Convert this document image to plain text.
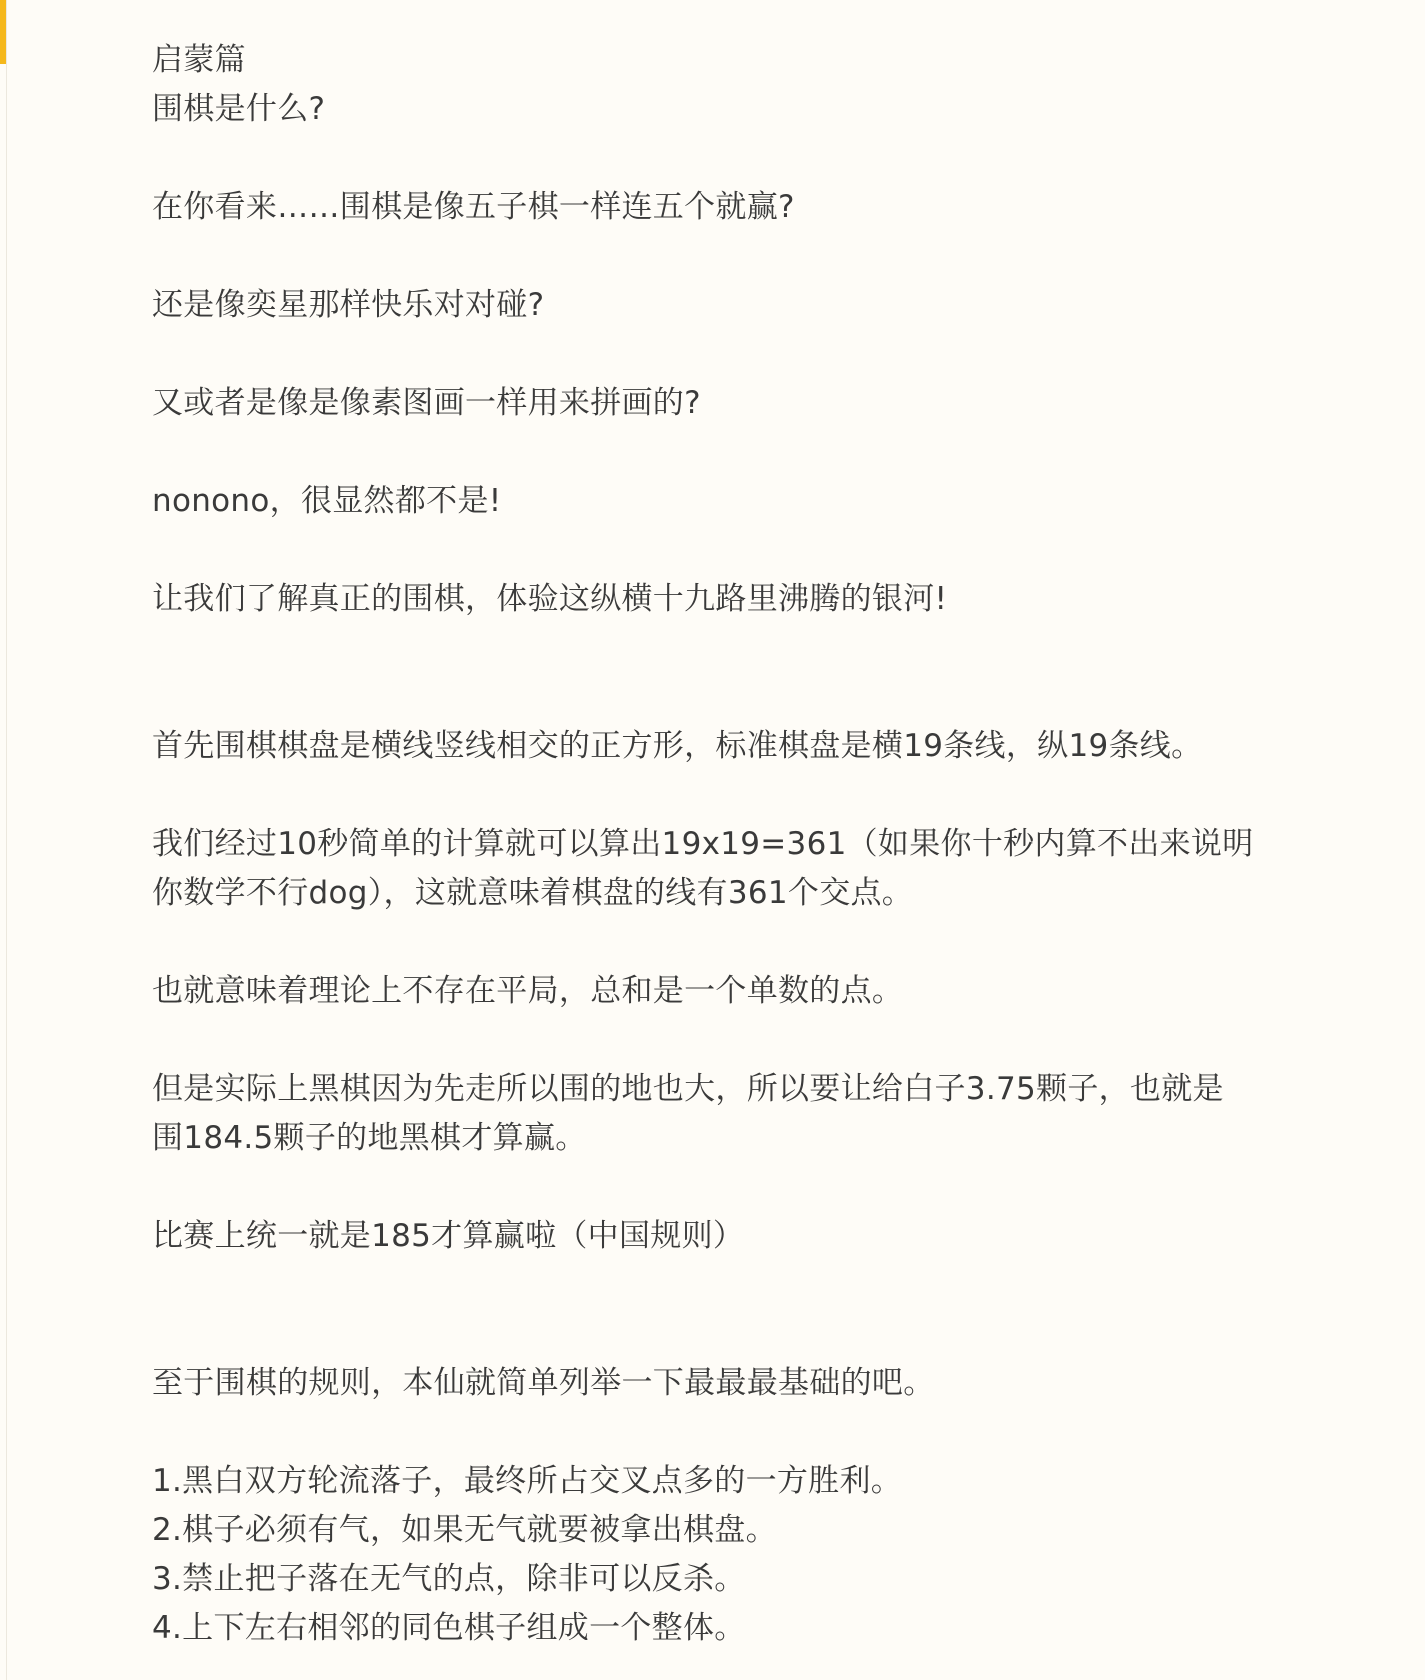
启蒙篇
围棋是什么?
在你看来……围棋是像五子棋一样连五个就赢?
还是像奕星那样快乐对对碰?
又或者是像是像素图画一样用来拼画的?
nonono，很显然都不是!
让我们了解真正的围棋，体验这纵横十九路里沸腾的银河!
首先围棋棋盘是横线竖线相交的正方形，标准棋盘是横19条线，纵19条线。
我们经过10秒简单的计算就可以算出19x19=361（如果你十秒内算不出来说明
你数学不行dog），这就意味着棋盘的线有361个交点。
也就意味着理论上不存在平局，总和是一个单数的点。
但是实际上黑棋因为先走所以围的地也大，所以要让给白子3.75颗子，也就是
围184.5颗子的地黑棋才算赢。
比赛上统一就是185才算赢啦（中国规则）
至于围棋的规则，本仙就简单列举一下最最最基础的吧。
1.黑白双方轮流落子，最终所占交叉点多的一方胜利。
2.棋子必须有气，如果无气就要被拿出棋盘。
3.禁止把子落在无气的点，除非可以反杀。
4.上下左右相邻的同色棋子组成一个整体。
